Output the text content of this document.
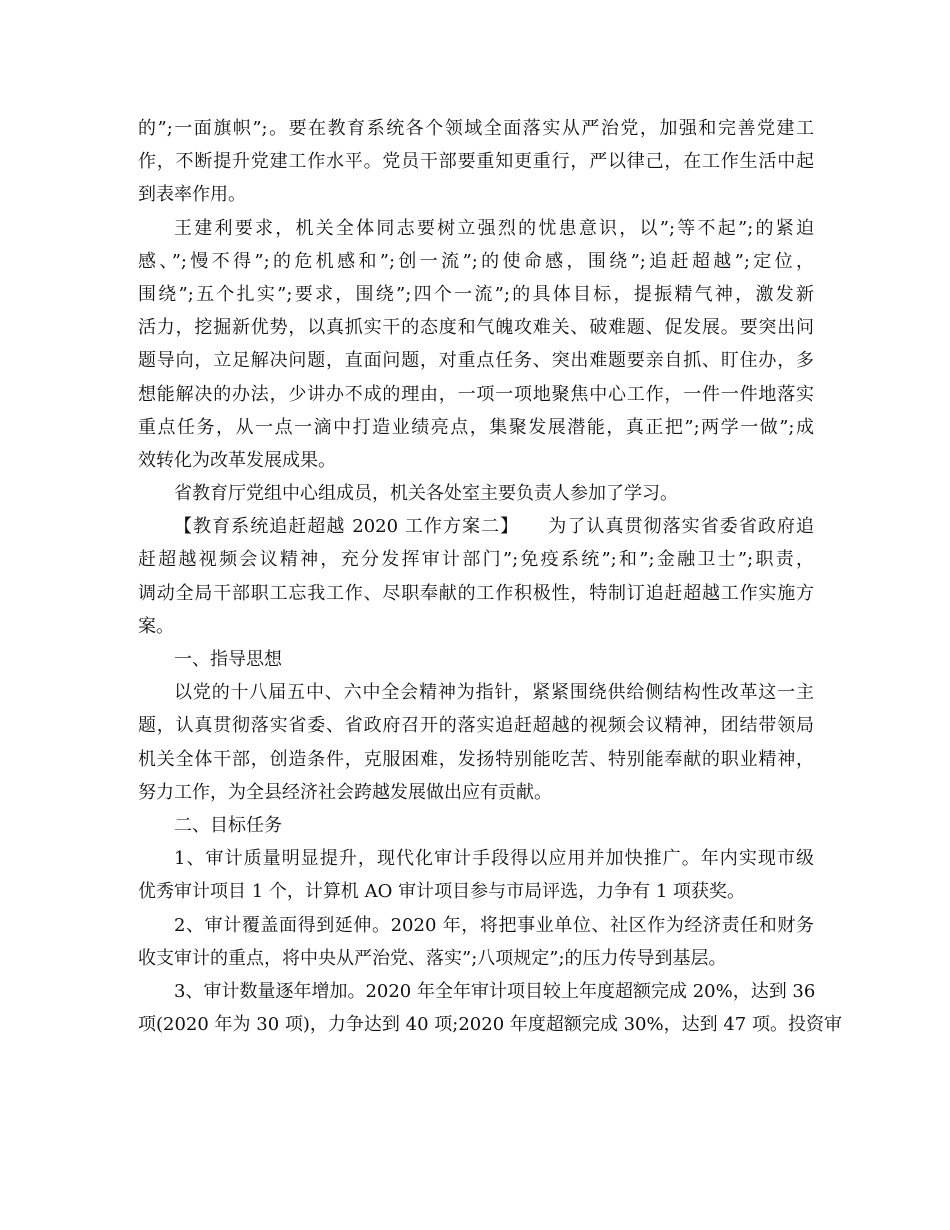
的”;一面旗帜”;。要在教育系统各个领域全面落实从严治党，加强和完善党建工
作，不断提升党建工作水平。党员干部要重知更重行，严以律己，在工作生活中起
到表率作用。
王建利要求，机关全体同志要树立强烈的忧患意识，以”;等不起”;的紧迫
感、”;慢不得”;的危机感和”;创一流”;的使命感，围绕”;追赶超越”;定位，
围绕”;五个扎实”;要求，围绕”;四个一流”;的具体目标，提振精气神，激发新
活力，挖掘新优势，以真抓实干的态度和气魄攻难关、破难题、促发展。要突出问
题导向，立足解决问题，直面问题，对重点任务、突出难题要亲自抓、盯住办，多
想能解决的办法，少讲办不成的理由，一项一项地聚焦中心工作，一件一件地落实
重点任务，从一点一滴中打造业绩亮点，集聚发展潜能，真正把”;两学一做”;成
效转化为改革发展成果。
省教育厅党组中心组成员，机关各处室主要负责人参加了学习。
【教育系统追赶超越 2020 工作方案二】　　为了认真贯彻落实省委省政府追
赶超越视频会议精神，充分发挥审计部门”;免疫系统”;和”;金融卫士”;职责，
调动全局干部职工忘我工作、尽职奉献的工作积极性，特制订追赶超越工作实施方
案。
一、指导思想
以党的十八届五中、六中全会精神为指针，紧紧围绕供给侧结构性改革这一主
题，认真贯彻落实省委、省政府召开的落实追赶超越的视频会议精神，团结带领局
机关全体干部，创造条件，克服困难，发扬特别能吃苦、特别能奉献的职业精神，
努力工作，为全县经济社会跨越发展做出应有贡献。
二、目标任务
1、审计质量明显提升，现代化审计手段得以应用并加快推广。年内实现市级
优秀审计项目 1 个，计算机 AO 审计项目参与市局评选，力争有 1 项获奖。
2、审计覆盖面得到延伸。2020 年，将把事业单位、社区作为经济责任和财务
收支审计的重点，将中央从严治党、落实”;八项规定”;的压力传导到基层。
3、审计数量逐年增加。2020 年全年审计项目较上年度超额完成 20%，达到 36
项(2020 年为 30 项)，力争达到 40 项;2020 年度超额完成 30%，达到 47 项。投资审
